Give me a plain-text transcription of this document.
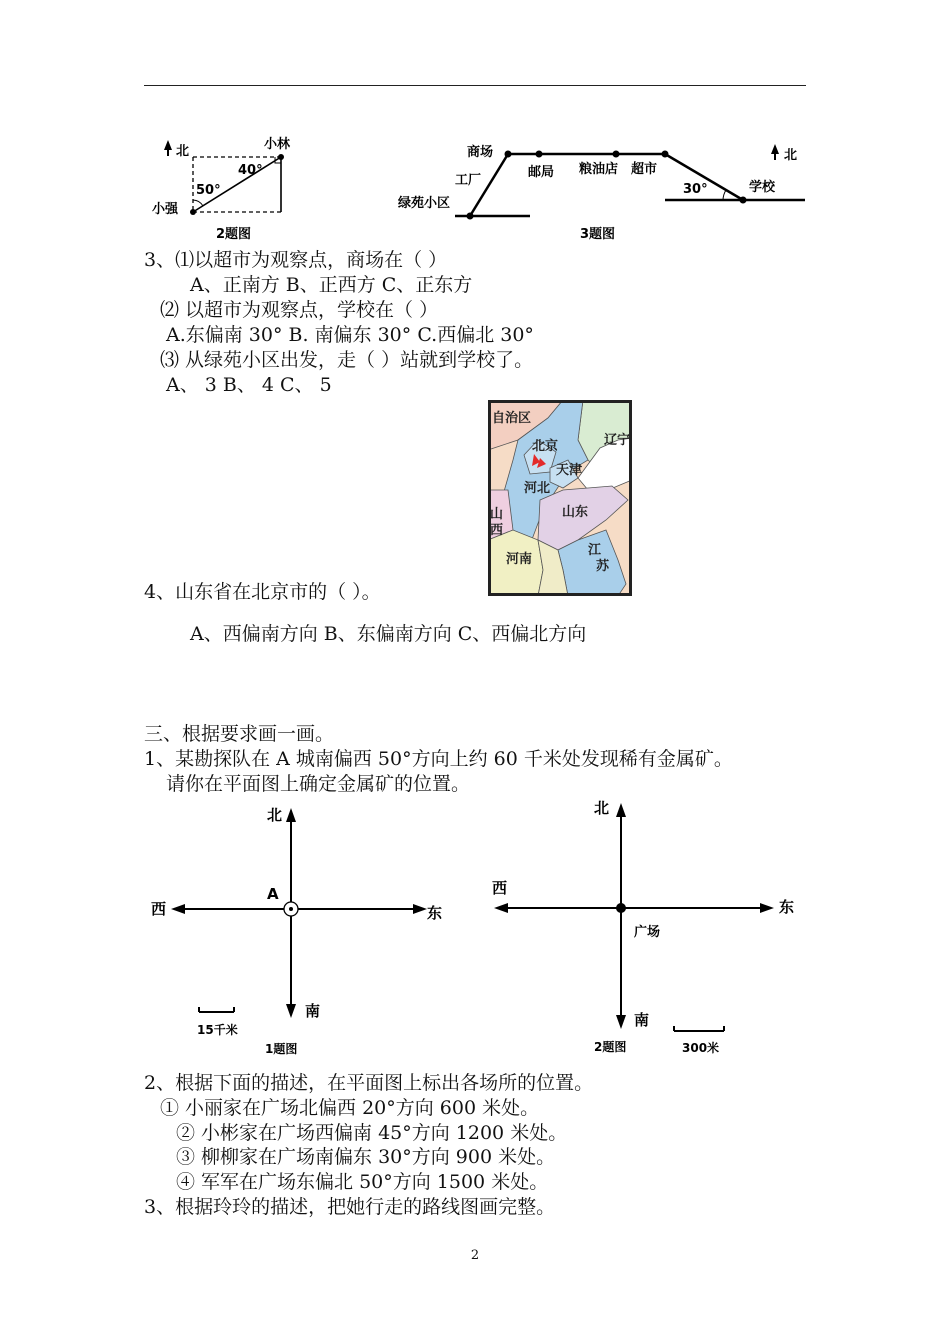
北	小林
小强
40°
50°
2题图
商场
工厂
绿苑小区
邮局 粮油店 超市
学校
30°
北
3题图
3、⑴以超市为观察点，商场在（ ）
A、正南方 B、正西方 C、正东方
⑵ 以超市为观察点，学校在（ ）
A.东偏南 30° B. 南偏东 30° C.西偏北 30°
⑶ 从绿苑小区出发，走（ ）站就到学校了。
A、 3 B、 4 C、 5
自治区
北京	辽宁
天津
河北
山
西
山东
江
苏
河南
4、山东省在北京市的（ ）。
A、西偏南方向 B、东偏南方向 C、西偏北方向
三、根据要求画一画。
1、某勘探队在 A 城南偏西 50°方向上约 60 千米处发现稀有金属矿。
请你在平面图上确定金属矿的位置。
北
南
西	东
A
15千米
1题图
北
南
西
东
广场
300米
2题图
2、根据下面的描述，在平面图上标出各场所的位置。
① 小丽家在广场北偏西 20°方向 600 米处。
② 小彬家在广场西偏南 45°方向 1200 米处。
③ 柳柳家在广场南偏东 30°方向 900 米处。
④ 军军在广场东偏北 50°方向 1500 米处。
3、根据玲玲的描述，把她行走的路线图画完整。
2
